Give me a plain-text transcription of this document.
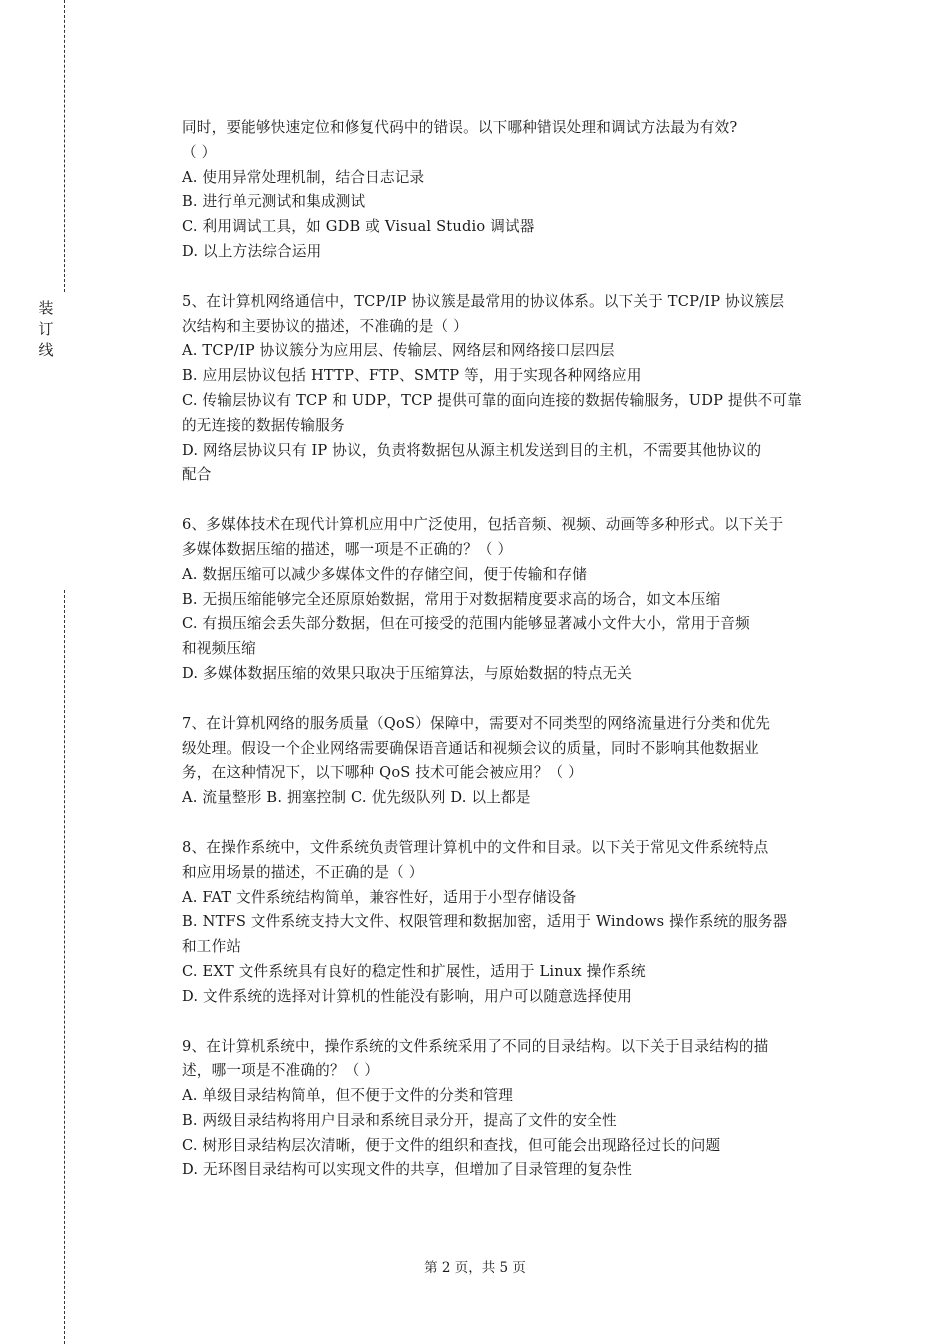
装
订
线
同时，要能够快速定位和修复代码中的错误。以下哪种错误处理和调试方法最为有效?
（ ）
A. 使用异常处理机制，结合日志记录
B. 进行单元测试和集成测试
C. 利用调试工具，如 GDB 或 Visual Studio 调试器
D. 以上方法综合运用
5、在计算机网络通信中，TCP/IP 协议簇是最常用的协议体系。以下关于 TCP/IP 协议簇层
次结构和主要协议的描述，不准确的是（ ）
A. TCP/IP 协议簇分为应用层、传输层、网络层和网络接口层四层
B. 应用层协议包括 HTTP、FTP、SMTP 等，用于实现各种网络应用
C. 传输层协议有 TCP 和 UDP，TCP 提供可靠的面向连接的数据传输服务，UDP 提供不可靠
的无连接的数据传输服务
D. 网络层协议只有 IP 协议，负责将数据包从源主机发送到目的主机，不需要其他协议的
配合
6、多媒体技术在现代计算机应用中广泛使用，包括音频、视频、动画等多种形式。以下关于
多媒体数据压缩的描述，哪一项是不正确的？（ ）
A. 数据压缩可以减少多媒体文件的存储空间，便于传输和存储
B. 无损压缩能够完全还原原始数据，常用于对数据精度要求高的场合，如文本压缩
C. 有损压缩会丢失部分数据，但在可接受的范围内能够显著减小文件大小，常用于音频
和视频压缩
D. 多媒体数据压缩的效果只取决于压缩算法，与原始数据的特点无关
7、在计算机网络的服务质量（QoS）保障中，需要对不同类型的网络流量进行分类和优先
级处理。假设一个企业网络需要确保语音通话和视频会议的质量，同时不影响其他数据业
务，在这种情况下，以下哪种 QoS 技术可能会被应用？（ ）
A. 流量整形 B. 拥塞控制 C. 优先级队列 D. 以上都是
8、在操作系统中，文件系统负责管理计算机中的文件和目录。以下关于常见文件系统特点
和应用场景的描述，不正确的是（ ）
A. FAT 文件系统结构简单，兼容性好，适用于小型存储设备
B. NTFS 文件系统支持大文件、权限管理和数据加密，适用于 Windows 操作系统的服务器
和工作站
C. EXT 文件系统具有良好的稳定性和扩展性，适用于 Linux 操作系统
D. 文件系统的选择对计算机的性能没有影响，用户可以随意选择使用
9、在计算机系统中，操作系统的文件系统采用了不同的目录结构。以下关于目录结构的描
述，哪一项是不准确的？（ ）
A. 单级目录结构简单，但不便于文件的分类和管理
B. 两级目录结构将用户目录和系统目录分开，提高了文件的安全性
C. 树形目录结构层次清晰，便于文件的组织和查找，但可能会出现路径过长的问题
D. 无环图目录结构可以实现文件的共享，但增加了目录管理的复杂性
第 2 页，共 5 页
